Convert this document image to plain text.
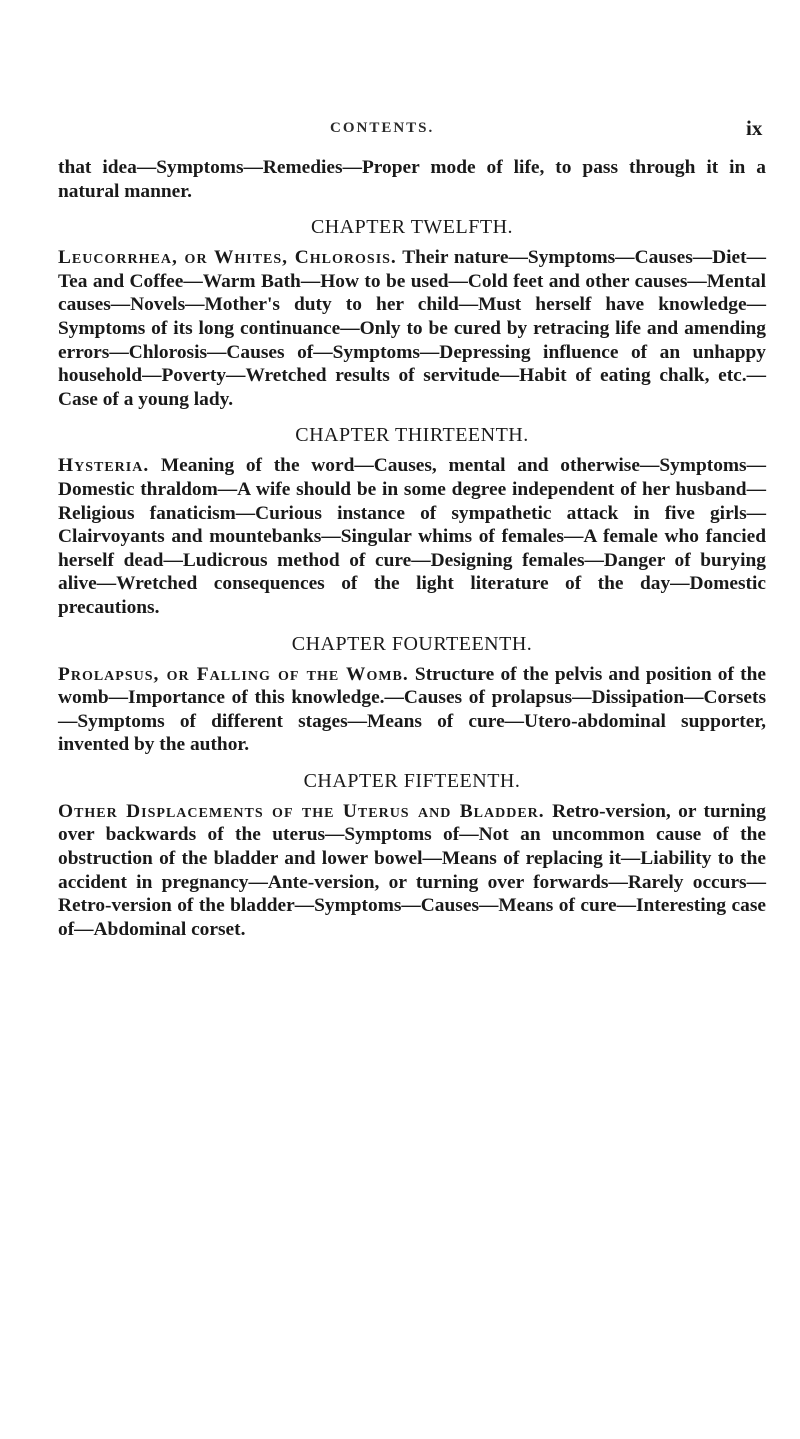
CONTENTS.	ix

that idea—Symptoms—Remedies—Proper mode of life, to pass through it in a natural manner.

CHAPTER TWELFTH.

Leucorrhea, or Whites, Chlorosis. Their nature—Symptoms—Causes—Diet—Tea and Coffee—Warm Bath—How to be used—Cold feet and other causes—Mental causes—Novels—Mother's duty to her child—Must herself have knowledge—Symptoms of its long continuance—Only to be cured by retracing life and amending errors—Chlorosis—Causes of—Symptoms—Depressing influence of an unhappy household—Poverty—Wretched results of servitude—Habit of eating chalk, etc.—Case of a young lady.

CHAPTER THIRTEENTH.

Hysteria. Meaning of the word—Causes, mental and otherwise—Symptoms—Domestic thraldom—A wife should be in some degree independent of her husband—Religious fanaticism—Curious instance of sympathetic attack in five girls—Clairvoyants and mountebanks—Singular whims of females—A female who fancied herself dead—Ludicrous method of cure—Designing females—Danger of burying alive—Wretched consequences of the light literature of the day—Domestic precautions.

CHAPTER FOURTEENTH.

Prolapsus, or Falling of the Womb. Structure of the pelvis and position of the womb—Importance of this knowledge.—Causes of prolapsus—Dissipation—Corsets—Symptoms of different stages—Means of cure—Utero-abdominal supporter, invented by the author.

CHAPTER FIFTEENTH.

Other Displacements of the Uterus and Bladder. Retro-version, or turning over backwards of the uterus—Symptoms of—Not an uncommon cause of the obstruction of the bladder and lower bowel—Means of replacing it—Liability to the accident in pregnancy—Ante-version, or turning over forwards—Rarely occurs—Retro-version of the bladder—Symptoms—Causes—Means of cure—Interesting case of—Abdominal corset.
